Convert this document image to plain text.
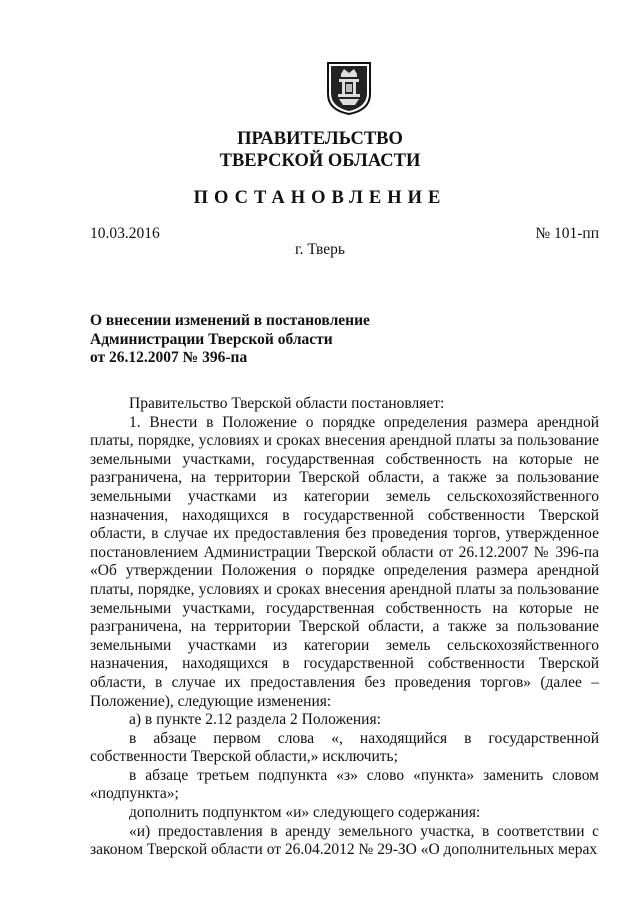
ПРАВИТЕЛЬСТВО
ТВЕРСКОЙ ОБЛАСТИ
ПОСТАНОВЛЕНИЕ
10.03.2016	№ 101-пп
г. Тверь
О внесении изменений в постановление
Администрации Тверской области
от 26.12.2007 № 396-па

Правительство Тверской области постановляет:

1. Внести в Положение о порядке определения размера арендной платы, порядке, условиях и сроках внесения арендной платы за пользование земельными участками, государственная собственность на которые не разграничена, на территории Тверской области, а также за пользование земельными участками из категории земель сельскохозяйственного назначения, находящихся в государственной собственности Тверской области, в случае их предоставления без проведения торгов, утвержденное постановлением Администрации Тверской области от 26.12.2007 № 396-па «Об утверждении Положения о порядке определения размера арендной платы, порядке, условиях и сроках внесения арендной платы за пользование земельными участками, государственная собственность на которые не разграничена, на территории Тверской области, а также за пользование земельными участками из категории земель сельскохозяйственного назначения, находящихся в государственной собственности Тверской области, в случае их предоставления без проведения торгов» (далее – Положение), следующие изменения:

а) в пункте 2.12 раздела 2 Положения:

в абзаце первом слова «, находящийся в государственной собственности Тверской области,» исключить;

в абзаце третьем подпункта «з» слово «пункта» заменить словом «подпункта»;

дополнить подпунктом «и» следующего содержания:

«и) предоставления в аренду земельного участка, в соответствии с законом Тверской области от 26.04.2012 № 29-ЗО «О дополнительных мерах
